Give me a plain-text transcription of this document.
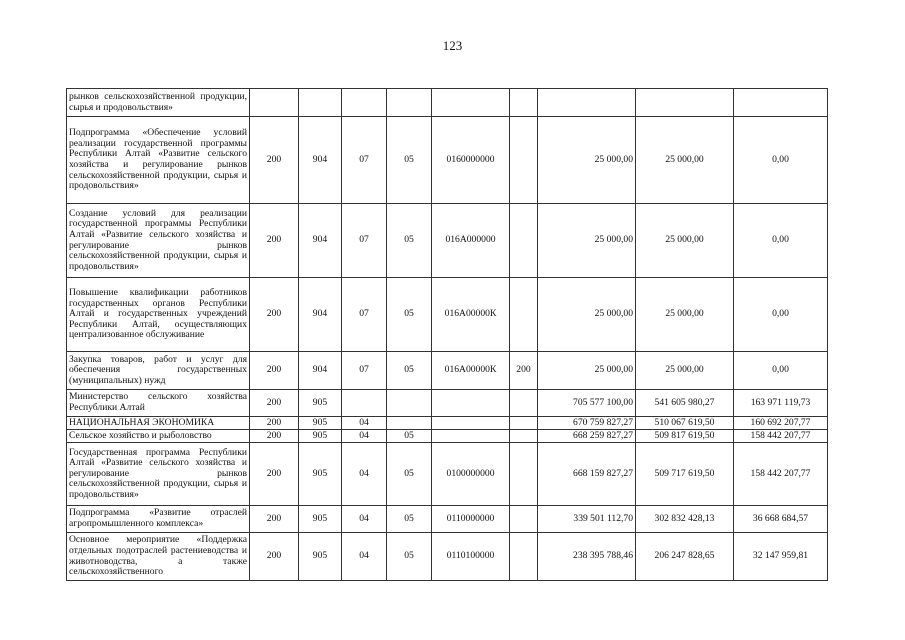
123
рынков сельскохозяйственной продукции, сырья и продовольствия»									
Подпрограмма «Обеспечение условий реализации государственной программы Республики Алтай «Развитие сельского хозяйства и регулирование рынков сельскохозяйственной продукции, сырья и продовольствия»	200	904	07	05	0160000000		25 000,00	25 000,00	0,00
Создание условий для реализации государственной программы Республики Алтай «Развитие сельского хозяйства и регулирование рынков сельскохозяйственной продукции, сырья и продовольствия»	200	904	07	05	016А000000		25 000,00	25 000,00	0,00
Повышение квалификации работников государственных органов Республики Алтай и государственных учреждений Республики Алтай, осуществляющих централизованное обслуживание	200	904	07	05	016А00000К		25 000,00	25 000,00	0,00
Закупка товаров, работ и услуг для обеспечения государственных (муниципальных) нужд	200	904	07	05	016А00000К	200	25 000,00	25 000,00	0,00
Министерство сельского хозяйства Республики Алтай	200	905					705 577 100,00	541 605 980,27	163 971 119,73
НАЦИОНАЛЬНАЯ ЭКОНОМИКА	200	905	04				670 759 827,27	510 067 619,50	160 692 207,77
Сельское хозяйство и рыболовство	200	905	04	05			668 259 827,27	509 817 619,50	158 442 207,77
Государственная программа Республики Алтай «Развитие сельского хозяйства и регулирование рынков сельскохозяйственной продукции, сырья и продовольствия»	200	905	04	05	0100000000		668 159 827,27	509 717 619,50	158 442 207,77
Подпрограмма «Развитие отраслей агропромышленного комплекса»	200	905	04	05	0110000000		339 501 112,70	302 832 428,13	36 668 684,57
Основное мероприятие «Поддержка отдельных подотраслей растениеводства и животноводства, а также сельскохозяйственного	200	905	04	05	0110100000		238 395 788,46	206 247 828,65	32 147 959,81
